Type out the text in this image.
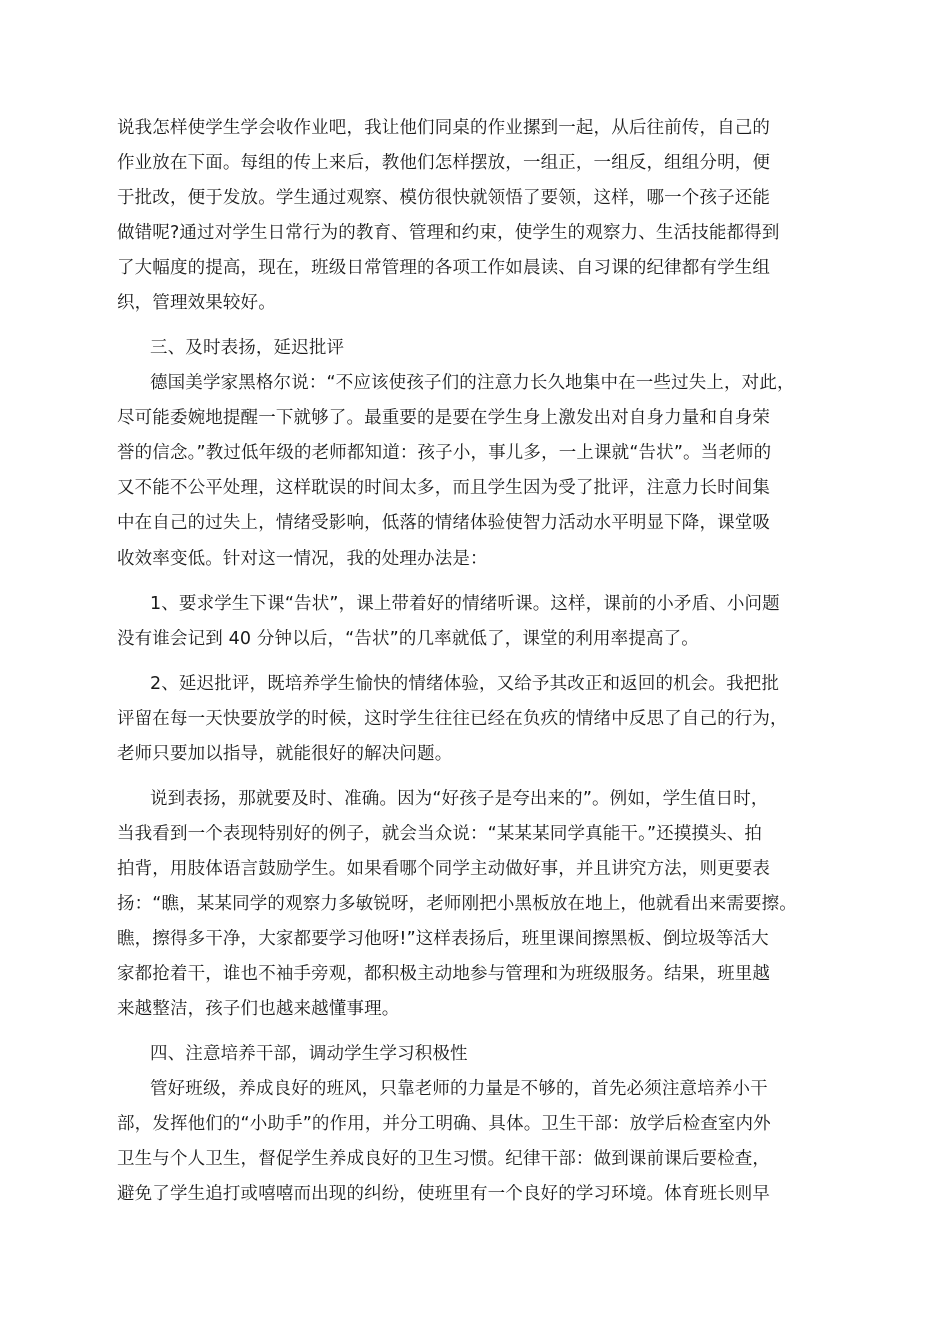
说我怎样使学生学会收作业吧，我让他们同桌的作业摞到一起，从后往前传，自己的
作业放在下面。每组的传上来后，教他们怎样摆放，一组正，一组反，组组分明，便
于批改，便于发放。学生通过观察、模仿很快就领悟了要领，这样，哪一个孩子还能
做错呢?通过对学生日常行为的教育、管理和约束，使学生的观察力、生活技能都得到
了大幅度的提高，现在，班级日常管理的各项工作如晨读、自习课的纪律都有学生组
织，管理效果较好。
三、及时表扬，延迟批评
德国美学家黑格尔说：“不应该使孩子们的注意力长久地集中在一些过失上，对此，
尽可能委婉地提醒一下就够了。最重要的是要在学生身上激发出对自身力量和自身荣
誉的信念。”教过低年级的老师都知道：孩子小，事儿多，一上课就“告状”。当老师的
又不能不公平处理，这样耽误的时间太多，而且学生因为受了批评，注意力长时间集
中在自己的过失上，情绪受影响，低落的情绪体验使智力活动水平明显下降，课堂吸
收效率变低。针对这一情况，我的处理办法是：
1、要求学生下课“告状”，课上带着好的情绪听课。这样，课前的小矛盾、小问题
没有谁会记到 40 分钟以后，“告状”的几率就低了，课堂的利用率提高了。
2、延迟批评，既培养学生愉快的情绪体验，又给予其改正和返回的机会。我把批
评留在每一天快要放学的时候，这时学生往往已经在负疚的情绪中反思了自己的行为，
老师只要加以指导，就能很好的解决问题。
说到表扬，那就要及时、准确。因为“好孩子是夸出来的”。例如，学生值日时，
当我看到一个表现特别好的例子，就会当众说：“某某某同学真能干。”还摸摸头、拍
拍背，用肢体语言鼓励学生。如果看哪个同学主动做好事，并且讲究方法，则更要表
扬：“瞧，某某同学的观察力多敏锐呀，老师刚把小黑板放在地上，他就看出来需要擦。
瞧，擦得多干净，大家都要学习他呀!”这样表扬后，班里课间擦黑板、倒垃圾等活大
家都抢着干，谁也不袖手旁观，都积极主动地参与管理和为班级服务。结果，班里越
来越整洁，孩子们也越来越懂事理。
四、注意培养干部，调动学生学习积极性
管好班级，养成良好的班风，只靠老师的力量是不够的，首先必须注意培养小干
部，发挥他们的“小助手”的作用，并分工明确、具体。卫生干部：放学后检查室内外
卫生与个人卫生，督促学生养成良好的卫生习惯。纪律干部：做到课前课后要检查，
避免了学生追打或嘻嘻而出现的纠纷，使班里有一个良好的学习环境。体育班长则早
